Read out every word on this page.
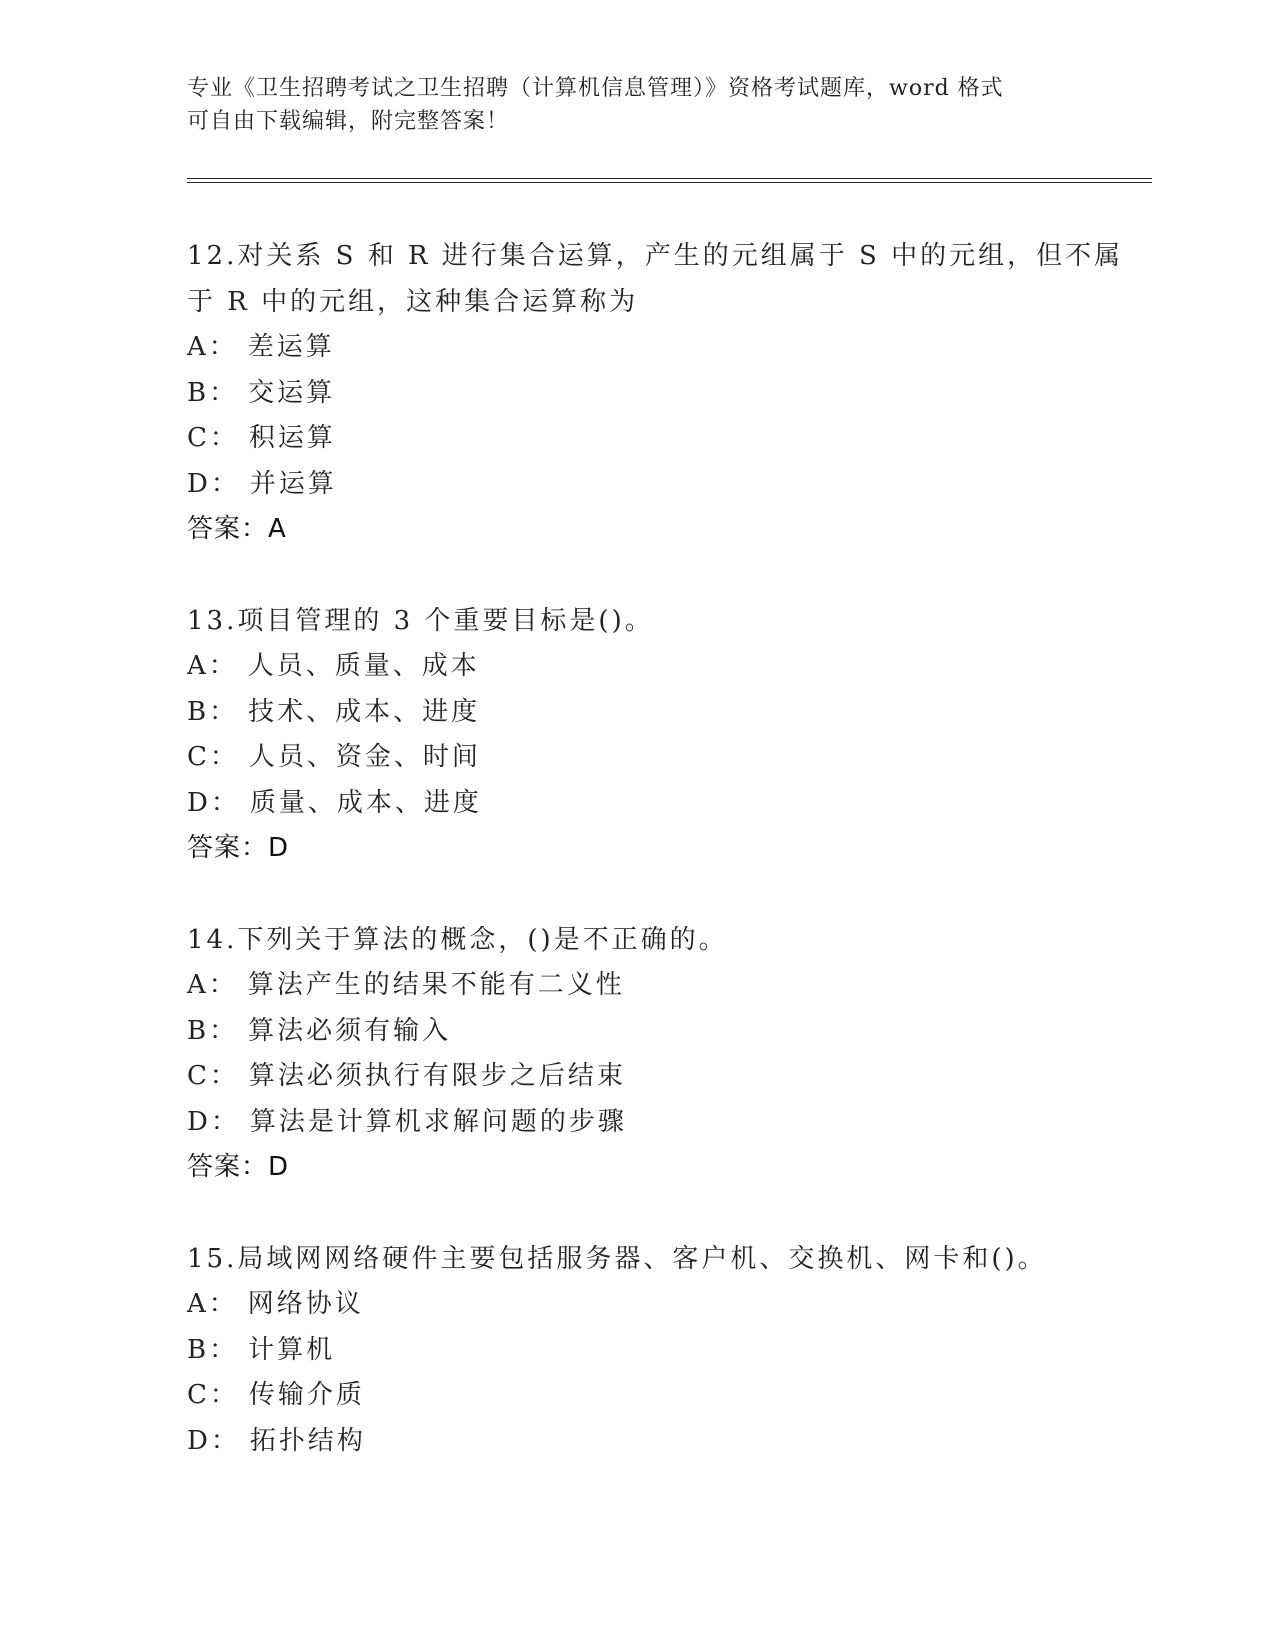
专业《卫生招聘考试之卫生招聘（计算机信息管理）》资格考试题库，word 格式
可自由下载编辑，附完整答案！

12.对关系 S 和 R 进行集合运算，产生的元组属于 S 中的元组，但不属
于 R 中的元组，这种集合运算称为

A： 差运算

B： 交运算

C： 积运算

D： 并运算

答案：A

13.项目管理的 3 个重要目标是()。

A： 人员、质量、成本

B： 技术、成本、进度

C： 人员、资金、时间

D： 质量、成本、进度

答案：D

14.下列关于算法的概念，()是不正确的。

A： 算法产生的结果不能有二义性

B： 算法必须有输入

C： 算法必须执行有限步之后结束

D： 算法是计算机求解问题的步骤

答案：D

15.局域网网络硬件主要包括服务器、客户机、交换机、网卡和()。

A： 网络协议

B： 计算机

C： 传输介质

D： 拓扑结构
